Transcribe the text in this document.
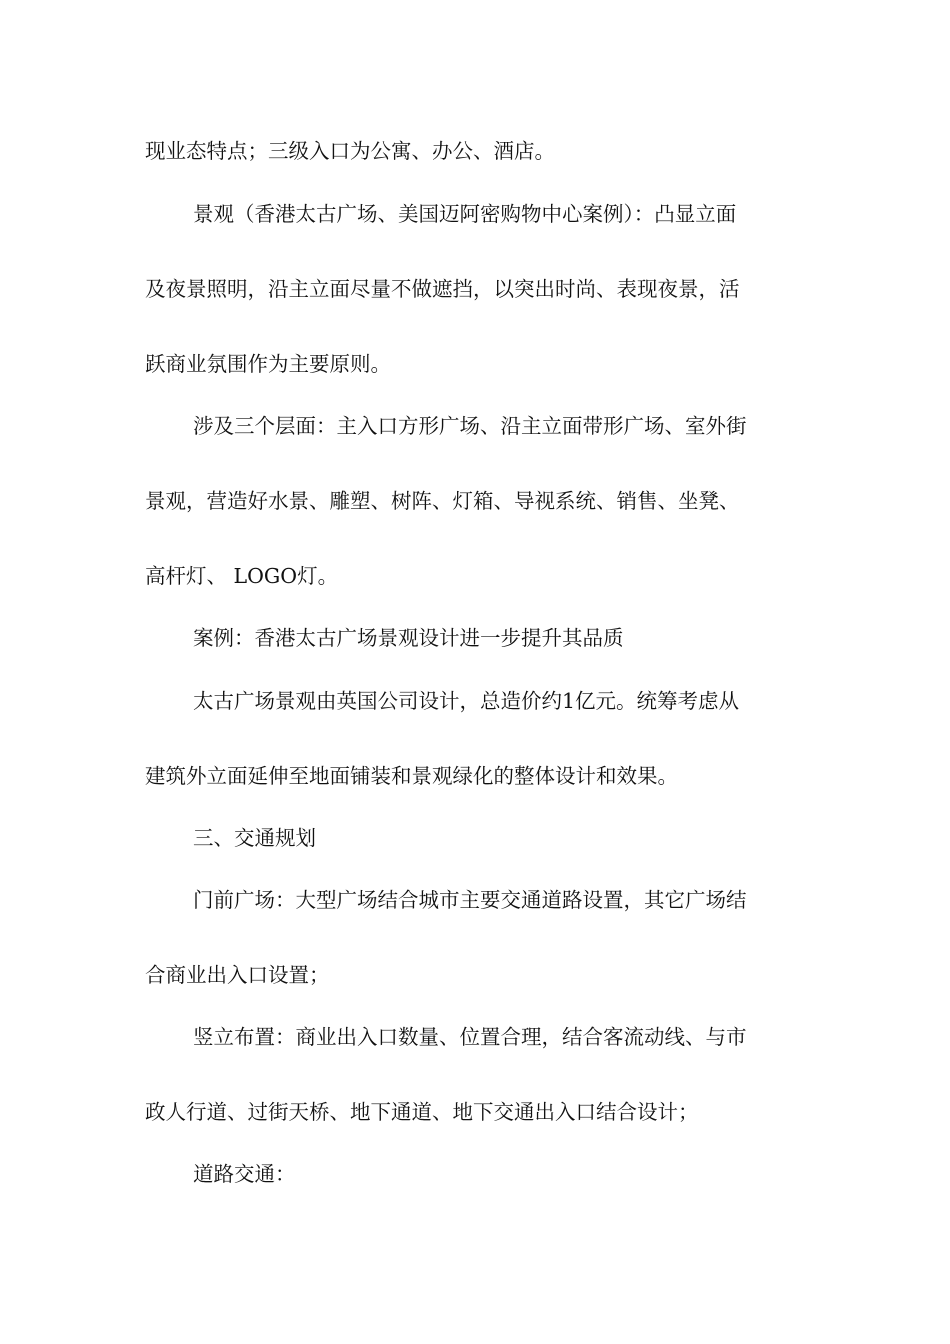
现业态特点；三级入口为公寓、办公、酒店。
景观（香港太古广场、美国迈阿密购物中心案例）：凸显立面
及夜景照明，沿主立面尽量不做遮挡，以突出时尚、表现夜景，活
跃商业氛围作为主要原则。
涉及三个层面：主入口方形广场、沿主立面带形广场、室外街
景观，营造好水景、雕塑、树阵、灯箱、导视系统、销售、坐凳、
高杆灯、 LOGO灯。
案例：香港太古广场景观设计进一步提升其品质
太古广场景观由英国公司设计，总造价约1亿元。统筹考虑从
建筑外立面延伸至地面铺装和景观绿化的整体设计和效果。
三、交通规划
门前广场：大型广场结合城市主要交通道路设置，其它广场结
合商业出入口设置；
竖立布置：商业出入口数量、位置合理，结合客流动线、与市
政人行道、过街天桥、地下通道、地下交通出入口结合设计；
道路交通：
